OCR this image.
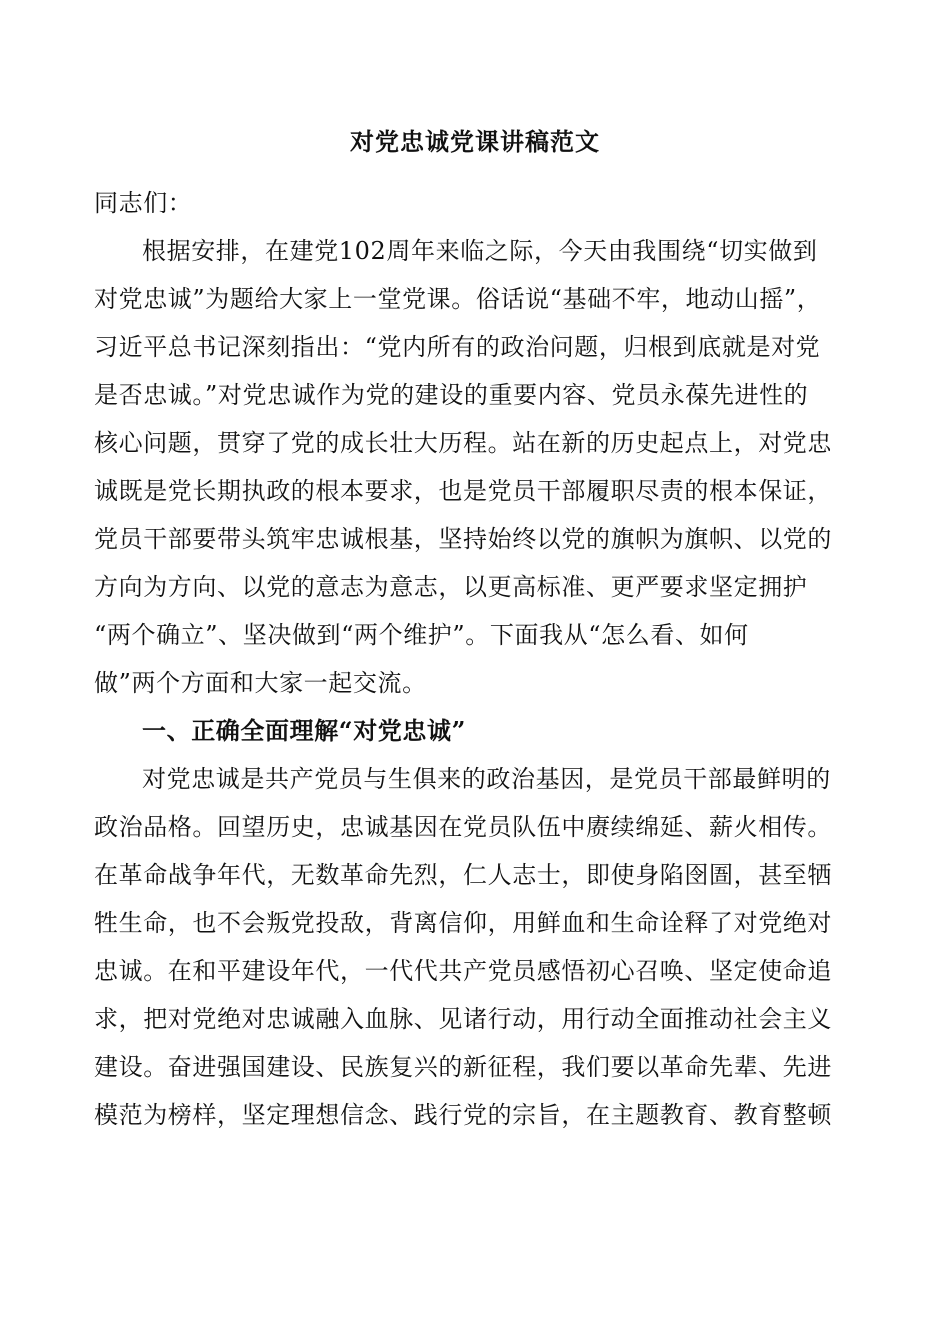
对党忠诚党课讲稿范文

同志们：

根据安排，在建党102周年来临之际，今天由我围绕“切实做到

对党忠诚”为题给大家上一堂党课。俗话说“基础不牢，地动山摇”，

习近平总书记深刻指出：“党内所有的政治问题，归根到底就是对党

是否忠诚。”对党忠诚作为党的建设的重要内容、党员永葆先进性的

核心问题，贯穿了党的成长壮大历程。站在新的历史起点上，对党忠

诚既是党长期执政的根本要求，也是党员干部履职尽责的根本保证，

党员干部要带头筑牢忠诚根基，坚持始终以党的旗帜为旗帜、以党的

方向为方向、以党的意志为意志，以更高标准、更严要求坚定拥护

“两个确立”、坚决做到“两个维护”。下面我从“怎么看、如何

做”两个方面和大家一起交流。

一、正确全面理解“对党忠诚”

对党忠诚是共产党员与生俱来的政治基因，是党员干部最鲜明的

政治品格。回望历史，忠诚基因在党员队伍中赓续绵延、薪火相传。

在革命战争年代，无数革命先烈，仁人志士，即使身陷囹圄，甚至牺

牲生命，也不会叛党投敌，背离信仰，用鲜血和生命诠释了对党绝对

忠诚。在和平建设年代，一代代共产党员感悟初心召唤、坚定使命追

求，把对党绝对忠诚融入血脉、见诸行动，用行动全面推动社会主义

建设。奋进强国建设、民族复兴的新征程，我们要以革命先辈、先进

模范为榜样，坚定理想信念、践行党的宗旨，在主题教育、教育整顿
